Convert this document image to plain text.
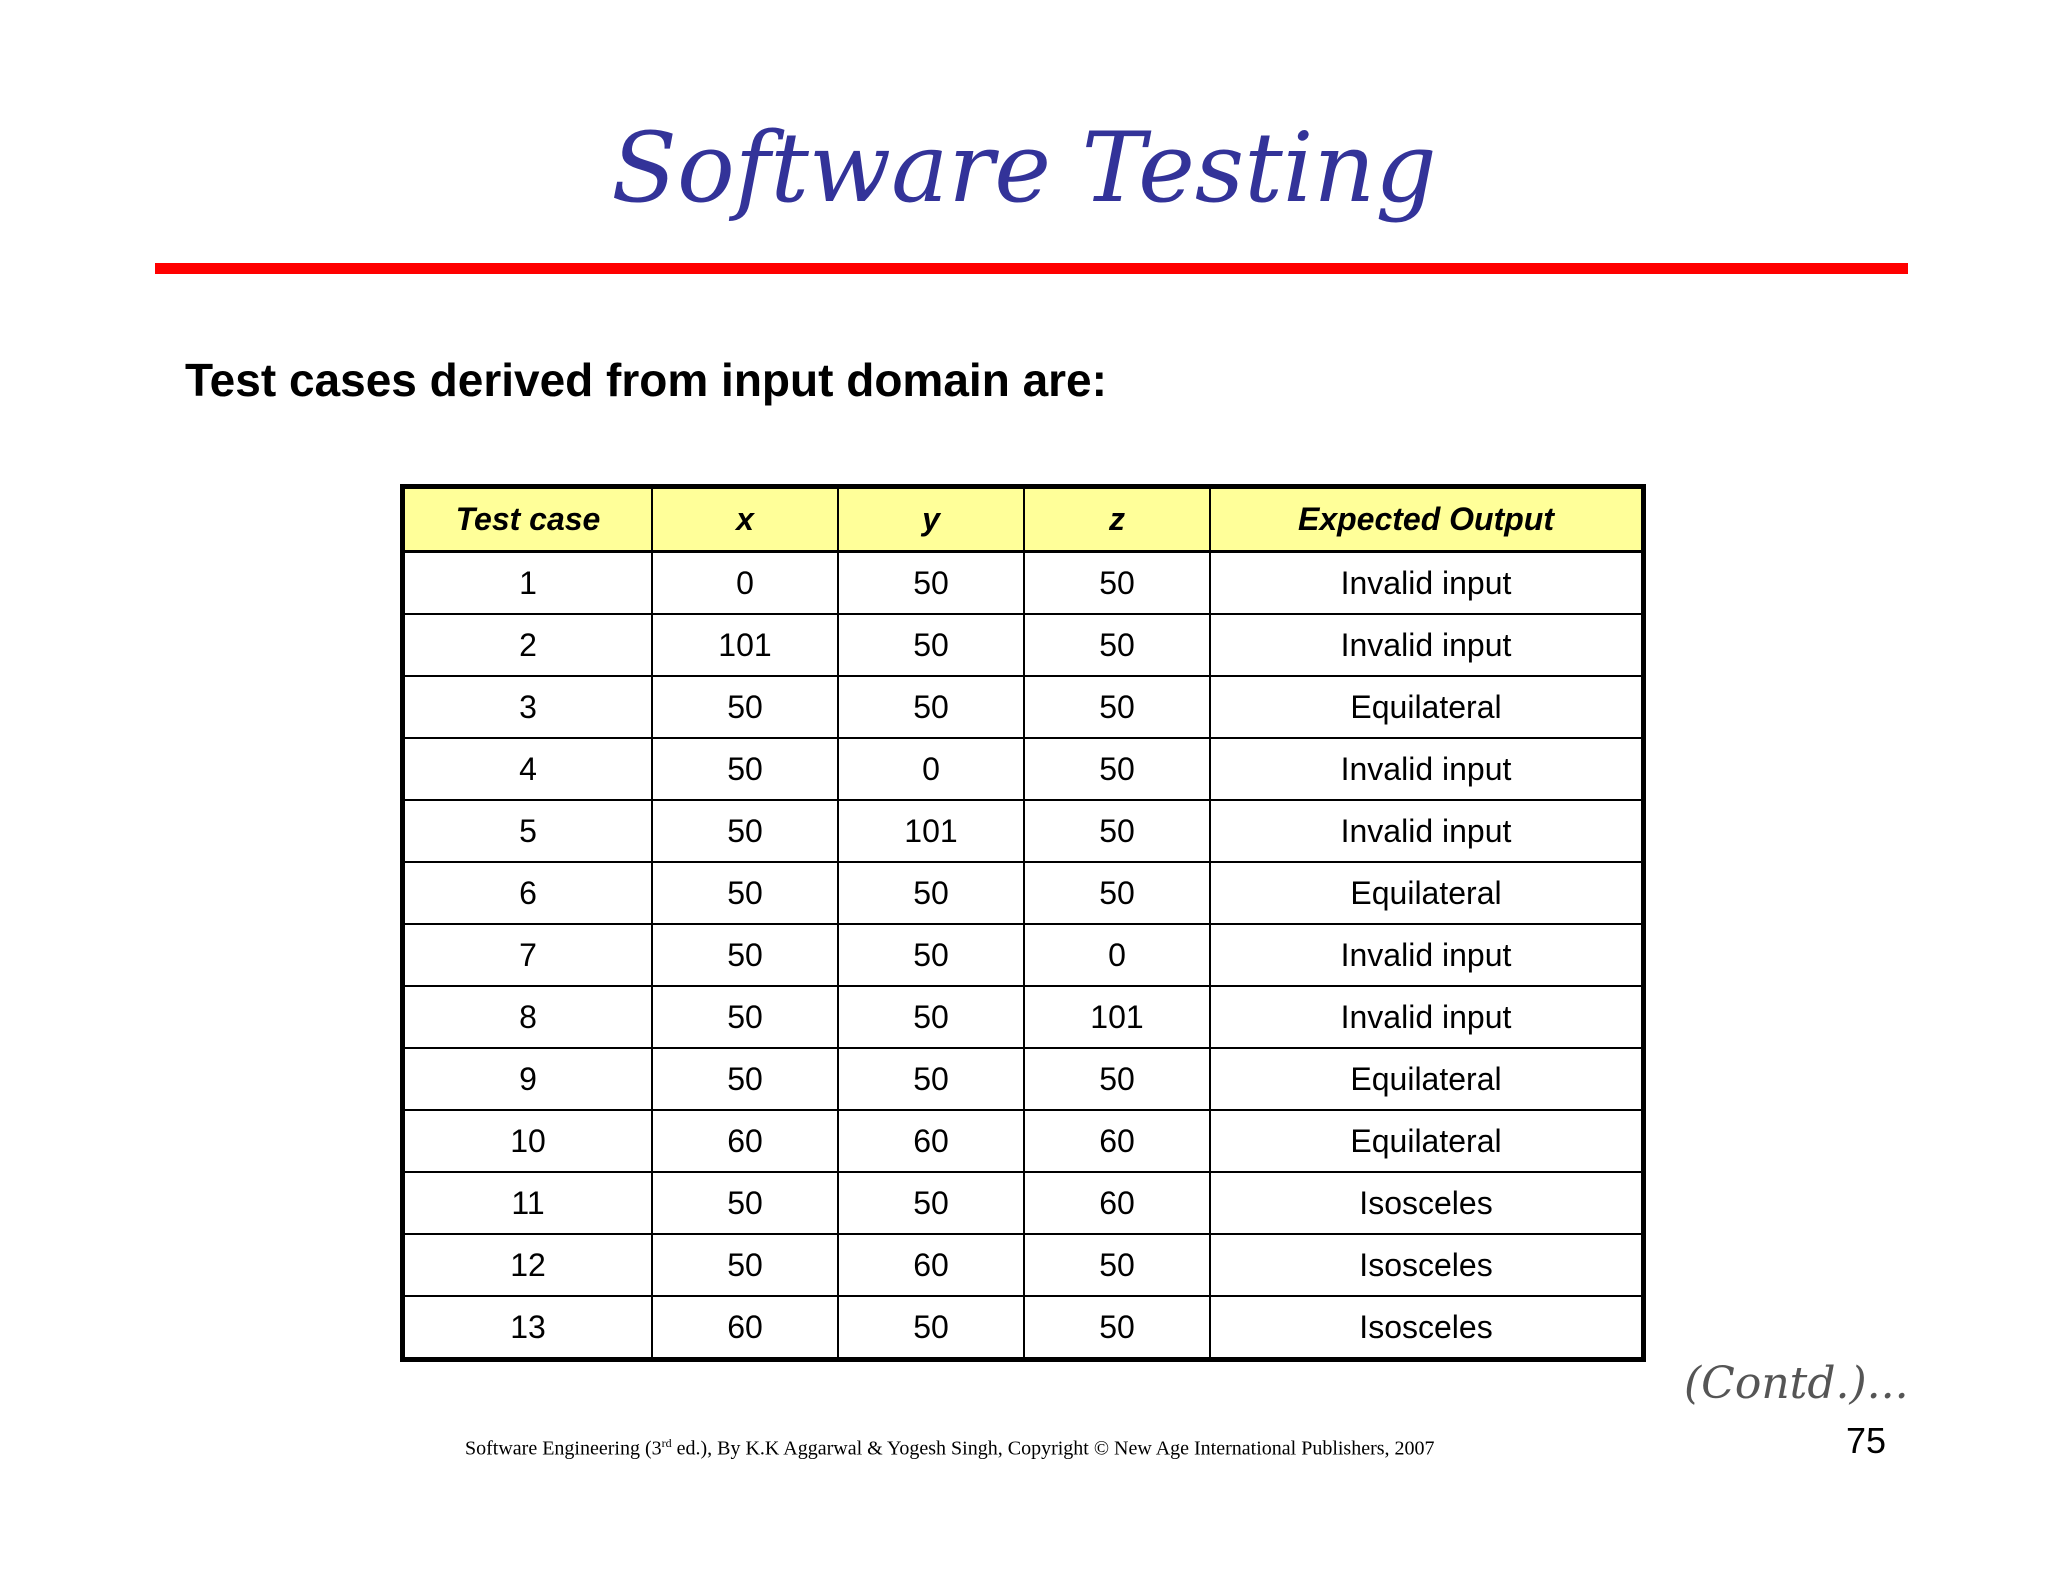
Software Testing
Test cases derived from input domain are:
Test case	x	y	z	Expected Output
1	0	50	50	Invalid input
2	101	50	50	Invalid input
3	50	50	50	Equilateral
4	50	0	50	Invalid input
5	50	101	50	Invalid input
6	50	50	50	Equilateral
7	50	50	0	Invalid input
8	50	50	101	Invalid input
9	50	50	50	Equilateral
10	60	60	60	Equilateral
11	50	50	60	Isosceles
12	50	60	50	Isosceles
13	60	50	50	Isosceles
(Contd.)...
Software Engineering (3rd ed.), By K.K Aggarwal & Yogesh Singh, Copyright © New Age International Publishers, 2007	75
